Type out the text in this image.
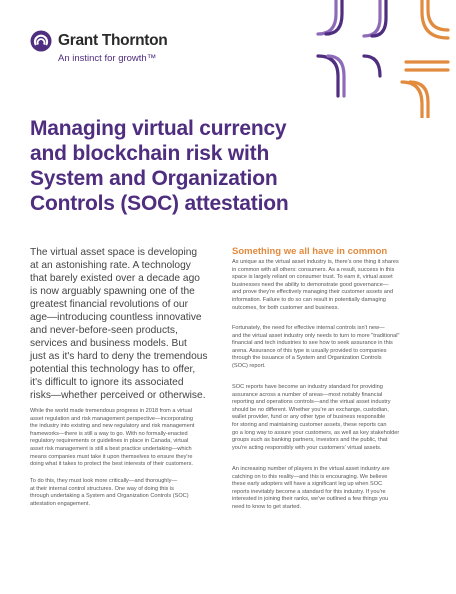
Grant Thornton
An instinct for growth™
Managing virtual currency
and blockchain risk with
System and Organization
Controls (SOC) attestation
The virtual asset space is developing
at an astonishing rate. A technology
that barely existed over a decade ago
is now arguably spawning one of the
greatest financial revolutions of our
age—introducing countless innovative
and never-before-seen products,
services and business models. But
just as it's hard to deny the tremendous
potential this technology has to offer,
it's difficult to ignore its associated
risks—whether perceived or otherwise.
While the world made tremendous progress in 2018 from a virtual
asset regulation and risk management perspective—incorporating
the industry into existing and new regulatory and risk management
frameworks—there is still a way to go. With no formally-enacted
regulatory requirements or guidelines in place in Canada, virtual
asset risk management is still a best practice undertaking—which
means companies must take it upon themselves to ensure they're
doing what it takes to protect the best interests of their customers.
To do this, they must look more critically—and thoroughly—
at their internal control structures. One way of doing this is
through undertaking a System and Organization Controls (SOC)
attestation engagement.
Something we all have in common
As unique as the virtual asset industry is, there's one thing it shares
in common with all others: consumers. As a result, success in this
space is largely reliant on consumer trust. To earn it, virtual asset
businesses need the ability to demonstrate good governance—
and prove they're effectively managing their customer assets and
information. Failure to do so can result in potentially damaging
outcomes, for both customer and business.
Fortunately, the need for effective internal controls isn't new—
and the virtual asset industry only needs to turn to more "traditional"
financial and tech industries to see how to seek assurance in this
arena. Assurance of this type is usually provided to companies
through the issuance of a System and Organization Controls
(SOC) report.
SOC reports have become an industry standard for providing
assurance across a number of areas—most notably financial
reporting and operations controls—and the virtual asset industry
should be no different. Whether you're an exchange, custodian,
wallet provider, fund or any other type of business responsible
for storing and maintaining customer assets, these reports can
go a long way to assure your customers, as well as key stakeholder
groups such as banking partners, investors and the public, that
you're acting responsibly with your customers' virtual assets.
An increasing number of players in the virtual asset industry are
catching on to this reality—and this is encouraging. We believe
these early adopters will have a significant leg up when SOC
reports inevitably become a standard for this industry. If you're
interested in joining their ranks, we've outlined a few things you
need to know to get started.
